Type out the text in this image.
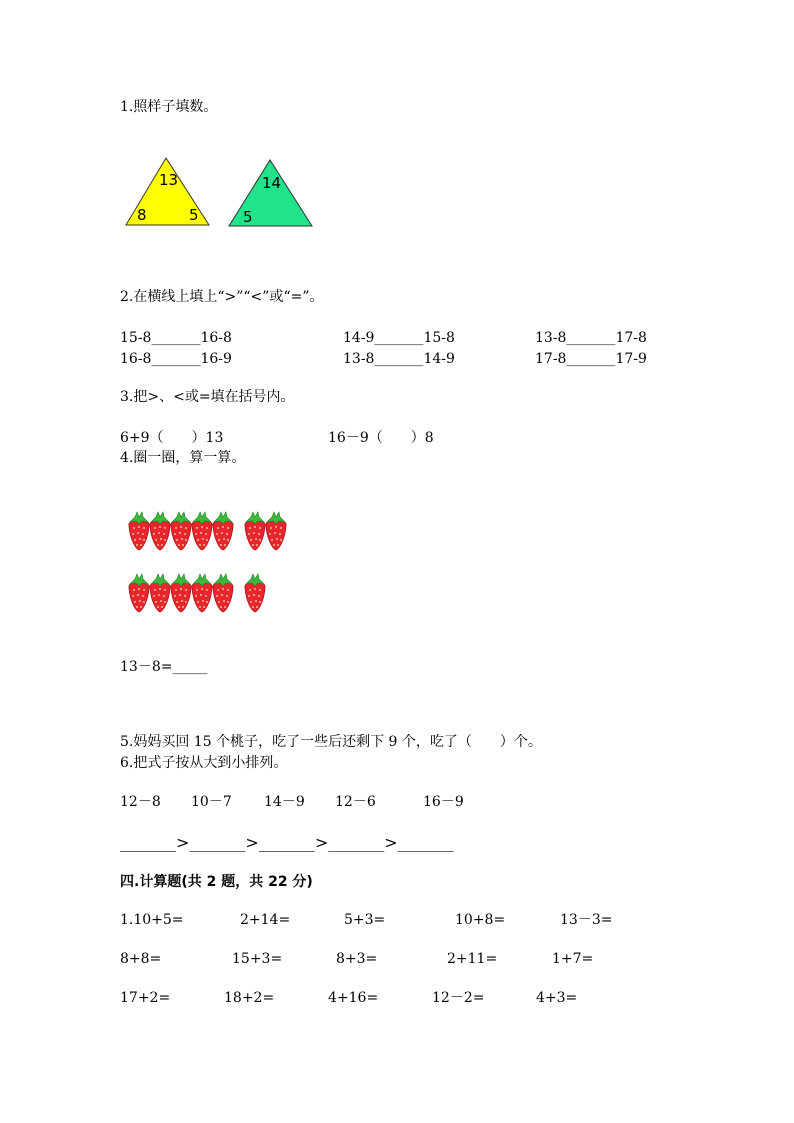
1.照样子填数。
13
8	5
14
5
2.在横线上填上“>”“<”或“=”。
15-8_______16-8	14-9_______15-8	13-8_______17-8
16-8_______16-9	13-8_______14-9	17-8_______17-9
3.把>、<或=填在括号内。
6+9（　　）13	16－9（　　）8
4.圈一圈，算一算。
13－8=_____
5.妈妈买回 15 个桃子，吃了一些后还剩下 9 个，吃了（　　）个。
6.把式子按从大到小排列。
12－8 10－7 14－9 12－6	16－9
_______>_______>_______>_______>_______
四.计算题(共 2 题，共 22 分)
1.10+5=	2+14=	5+3=	10+8=	13－3=
8+8=	15+3=	8+3=	2+11=	1+7=
17+2=	18+2=	4+16=	12－2=	4+3=
